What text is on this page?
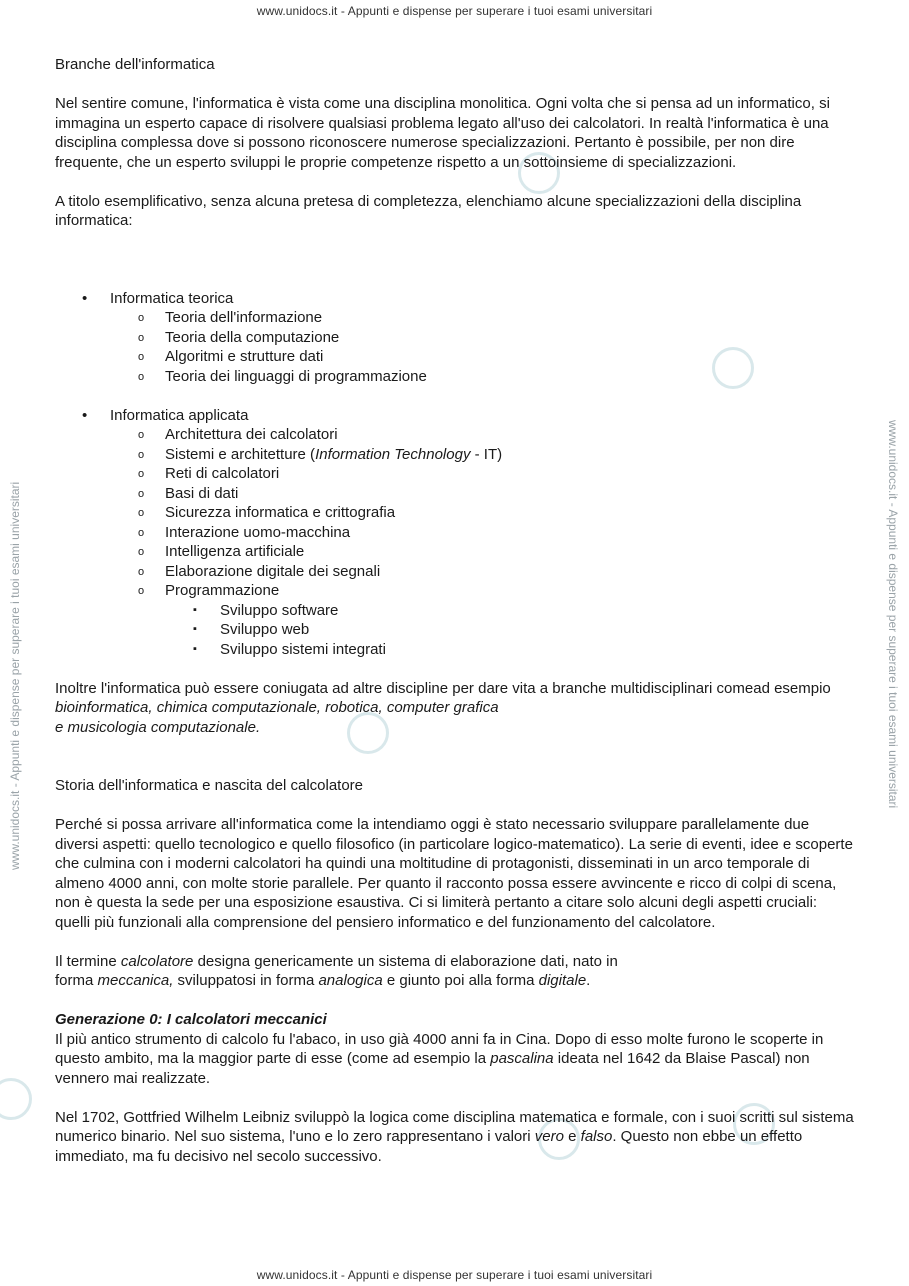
www.unidocs.it - Appunti e dispense per superare i tuoi esami universitari
www.unidocs.it - Appunti e dispense per superare i tuoi esami universitari	www.unidocs.it - Appunti e dispense per superare i tuoi esami universitari

Branche dell'informatica

Nel sentire comune, l'informatica è vista come una disciplina monolitica. Ogni volta che si pensa ad un informatico, si immagina un esperto capace di risolvere qualsiasi problema legato all'uso dei calcolatori. In realtà l'informatica è una disciplina complessa dove si possono riconoscere numerose specializzazioni. Pertanto è possibile, per non dire frequente, che un esperto sviluppi le proprie competenze rispetto a un sottoinsieme di specializzazioni.

A titolo esemplificativo, senza alcuna pretesa di completezza, elenchiamo alcune specializzazioni della disciplina informatica:

• Informatica teorica
o Teoria dell'informazione
o Teoria della computazione
o Algoritmi e strutture dati
o Teoria dei linguaggi di programmazione
• Informatica applicata
o Architettura dei calcolatori
o Sistemi e architetture (Information Technology - IT)
o Reti di calcolatori
o Basi di dati
o Sicurezza informatica e crittografia
o Interazione uomo-macchina
o Intelligenza artificiale
o Elaborazione digitale dei segnali
o Programmazione
▪ Sviluppo software
▪ Sviluppo web
▪ Sviluppo sistemi integrati

Inoltre l'informatica può essere coniugata ad altre discipline per dare vita a branche multidisciplinari comead esempio bioinformatica, chimica computazionale, robotica, computer grafica
e musicologia computazionale.

Storia dell'informatica e nascita del calcolatore

Perché si possa arrivare all'informatica come la intendiamo oggi è stato necessario sviluppare parallelamente due diversi aspetti: quello tecnologico e quello filosofico (in particolare logico-matematico). La serie di eventi, idee e scoperte che culmina con i moderni calcolatori ha quindi una moltitudine di protagonisti, disseminati in un arco temporale di almeno 4000 anni, con molte storie parallele. Per quanto il racconto possa essere avvincente e ricco di colpi di scena, non è questa la sede per una esposizione esaustiva. Ci si limiterà pertanto a citare solo alcuni degli aspetti cruciali: quelli più funzionali alla comprensione del pensiero informatico e del funzionamento del calcolatore.

Il termine calcolatore designa genericamente un sistema di elaborazione dati, nato in
forma meccanica, sviluppatosi in forma analogica e giunto poi alla forma digitale.

Generazione 0: I calcolatori meccanici

Il più antico strumento di calcolo fu l'abaco, in uso già 4000 anni fa in Cina. Dopo di esso molte furono le scoperte in questo ambito, ma la maggior parte di esse (come ad esempio la pascalina ideata nel 1642 da Blaise Pascal) non vennero mai realizzate.

Nel 1702, Gottfried Wilhelm Leibniz sviluppò la logica come disciplina matematica e formale, con i suoi scritti sul sistema numerico binario. Nel suo sistema, l'uno e lo zero rappresentano i valori vero e falso. Questo non ebbe un effetto immediato, ma fu decisivo nel secolo successivo.

www.unidocs.it - Appunti e dispense per superare i tuoi esami universitari
